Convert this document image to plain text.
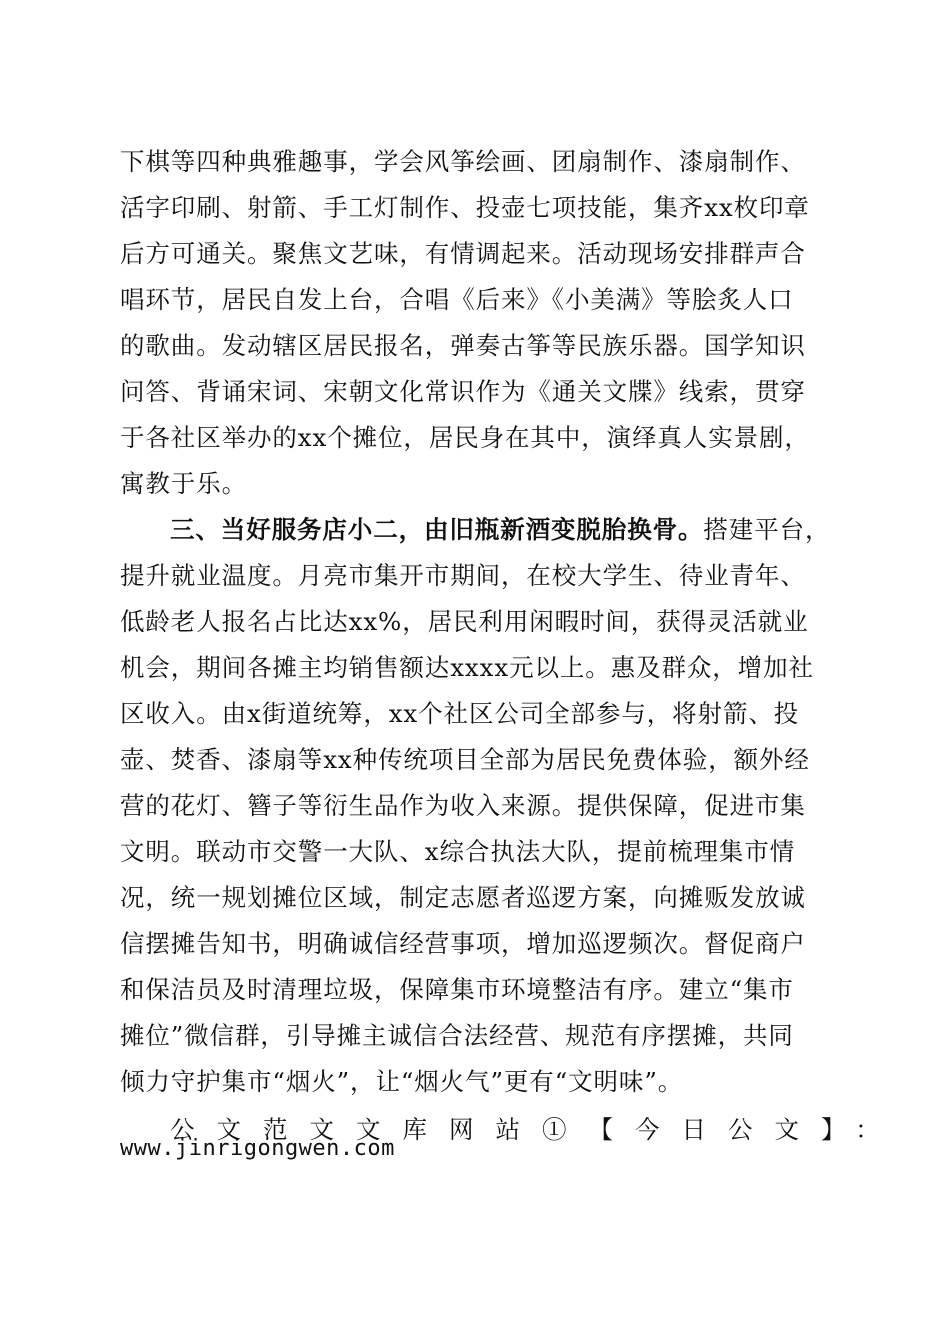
下棋等四种典雅趣事，学会风筝绘画、团扇制作、漆扇制作、
活字印刷、射箭、手工灯制作、投壶七项技能，集齐xx枚印章
后方可通关。聚焦文艺味，有情调起来。活动现场安排群声合
唱环节，居民自发上台，合唱《后来》《小美满》等脍炙人口
的歌曲。发动辖区居民报名，弹奏古筝等民族乐器。国学知识
问答、背诵宋词、宋朝文化常识作为《通关文牒》线索，贯穿
于各社区举办的xx个摊位，居民身在其中，演绎真人实景剧，
寓教于乐。
三、当好服务店小二，由旧瓶新酒变脱胎换骨。搭建平台，
提升就业温度。月亮市集开市期间，在校大学生、待业青年、
低龄老人报名占比达xx%，居民利用闲暇时间，获得灵活就业
机会，期间各摊主均销售额达xxxx元以上。惠及群众，增加社
区收入。由x街道统筹，xx个社区公司全部参与，将射箭、投
壶、焚香、漆扇等xx种传统项目全部为居民免费体验，额外经
营的花灯、簪子等衍生品作为收入来源。提供保障，促进市集
文明。联动市交警一大队、x综合执法大队，提前梳理集市情
况，统一规划摊位区域，制定志愿者巡逻方案，向摊贩发放诚
信摆摊告知书，明确诚信经营事项，增加巡逻频次。督促商户
和保洁员及时清理垃圾，保障集市环境整洁有序。建立“集市
摊位”微信群，引导摊主诚信合法经营、规范有序摆摊，共同
倾力守护集市“烟火”，让“烟火气”更有“文明味”。
公文范文文库网站①【今日公文】：
www.jinrigongwen.com
